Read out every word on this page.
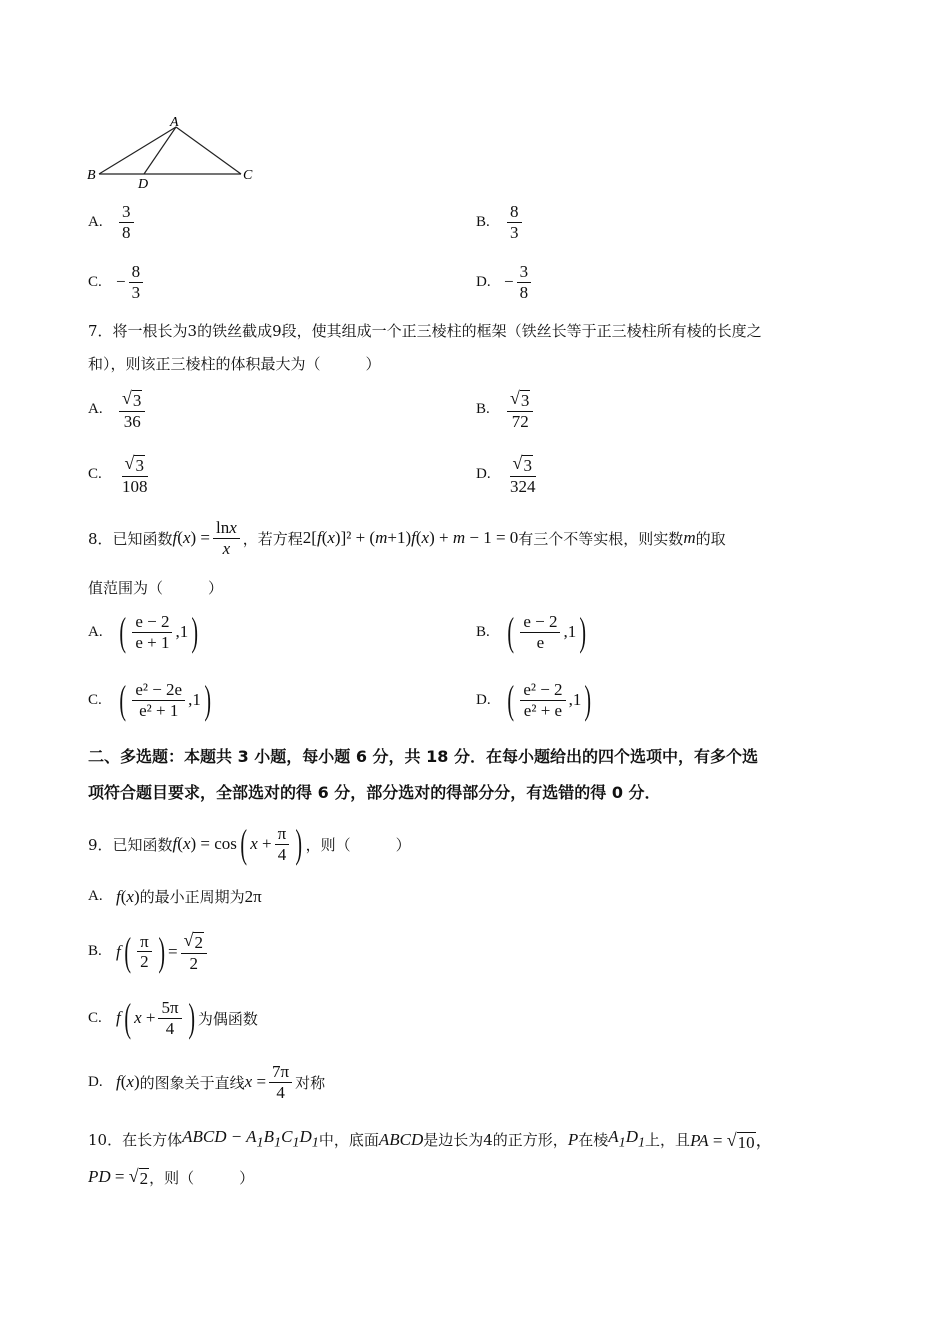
A
B	C
D
A. $\frac{3}{8}$	B.	$\frac{8}{3}$
C. − $\frac{8}{3}$	D. − $\frac{3}{8}$
7．将一根长为3的铁丝截成9段，使其组成一个正三棱柱的框架（铁丝长等于正三棱柱所有棱的长度之
和），则该正三棱柱的体积最大为（　　　）
A. $\frac{√ 3}{36}$	B. $\frac{√ 3}{72}$
C. $\frac{√ 3}{108}$	D. $\frac{√ 3}{324}$
8．已知函数 $f(x) = \frac{\ln x}{x}$ ，若方程 2[f(x)]² + (m+1)f(x) + m − 1 = 0 有三个不等实根，则实数 m 的取
值范围为（　　　）
A. ( $\frac{e - 2}{e + 1} ,1$ )	B. ( $\frac{e - 2}{e} ,1$ )
C. ( $\frac{\text{e² − 2e}}{\text{e² + 1}} ,1$ )	D. ( $\frac{\text{e² − 2}}{\text{e² + e}} ,1$ )
二、多选题：本题共 3 小题，每小题 6 分，共 18 分．在每小题给出的四个选项中，有多个选
项符合题目要求，全部选对的得 6 分，部分选对的得部分分，有选错的得 0 分．
9．已知函数 f(x) = cos ( $x + \frac{\pi}{4}$ ) ，则（　　　）
A. f(x) 的最小正周期为 2π
B. f ( $\frac{\pi}{2}$ ) = $\frac{√ 2}{2}$
C. f ( $x + \frac{5\pi}{4}$ ) 为偶函数
D. f(x) 的图象关于直线 $x = \frac{7\pi}{4}$ 对称
10．在长方体 ABCD − $A_1B_1C_1D_1$ 中，底面 ABCD 是边长为4的正方形， P 在棱 $A_1D_1$ 上，且 PA = √ 10 ，
PD = √ 2 ，则（　　　）
